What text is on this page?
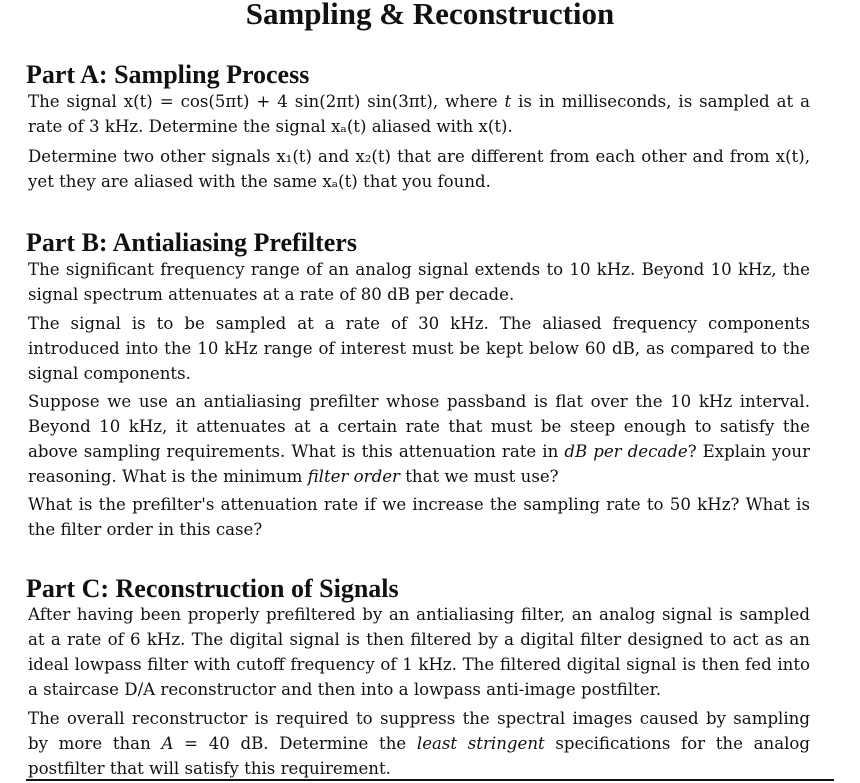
Sampling & Reconstruction
Part A: Sampling Process

The signal x(t) = cos(5πt) + 4 sin(2πt) sin(3πt), where t is in milliseconds, is sampled at a rate of 3 kHz. Determine the signal xₐ(t) aliased with x(t).

Determine two other signals x₁(t) and x₂(t) that are different from each other and from x(t), yet they are aliased with the same xₐ(t) that you found.

Part B: Antialiasing Prefilters

The significant frequency range of an analog signal extends to 10 kHz. Beyond 10 kHz, the signal spectrum attenuates at a rate of 80 dB per decade.

The signal is to be sampled at a rate of 30 kHz. The aliased frequency components introduced into the 10 kHz range of interest must be kept below 60 dB, as compared to the signal components.

Suppose we use an antialiasing prefilter whose passband is flat over the 10 kHz interval. Beyond 10 kHz, it attenuates at a certain rate that must be steep enough to satisfy the above sampling requirements. What is this attenuation rate in dB per decade? Explain your reasoning. What is the minimum filter order that we must use?

What is the prefilter's attenuation rate if we increase the sampling rate to 50 kHz? What is the filter order in this case?

Part C: Reconstruction of Signals

After having been properly prefiltered by an antialiasing filter, an analog signal is sampled at a rate of 6 kHz. The digital signal is then filtered by a digital filter designed to act as an ideal lowpass filter with cutoff frequency of 1 kHz. The filtered digital signal is then fed into a staircase D/A reconstructor and then into a lowpass anti-image postfilter.

The overall reconstructor is required to suppress the spectral images caused by sampling by more than A = 40 dB. Determine the least stringent specifications for the analog postfilter that will satisfy this requirement.
